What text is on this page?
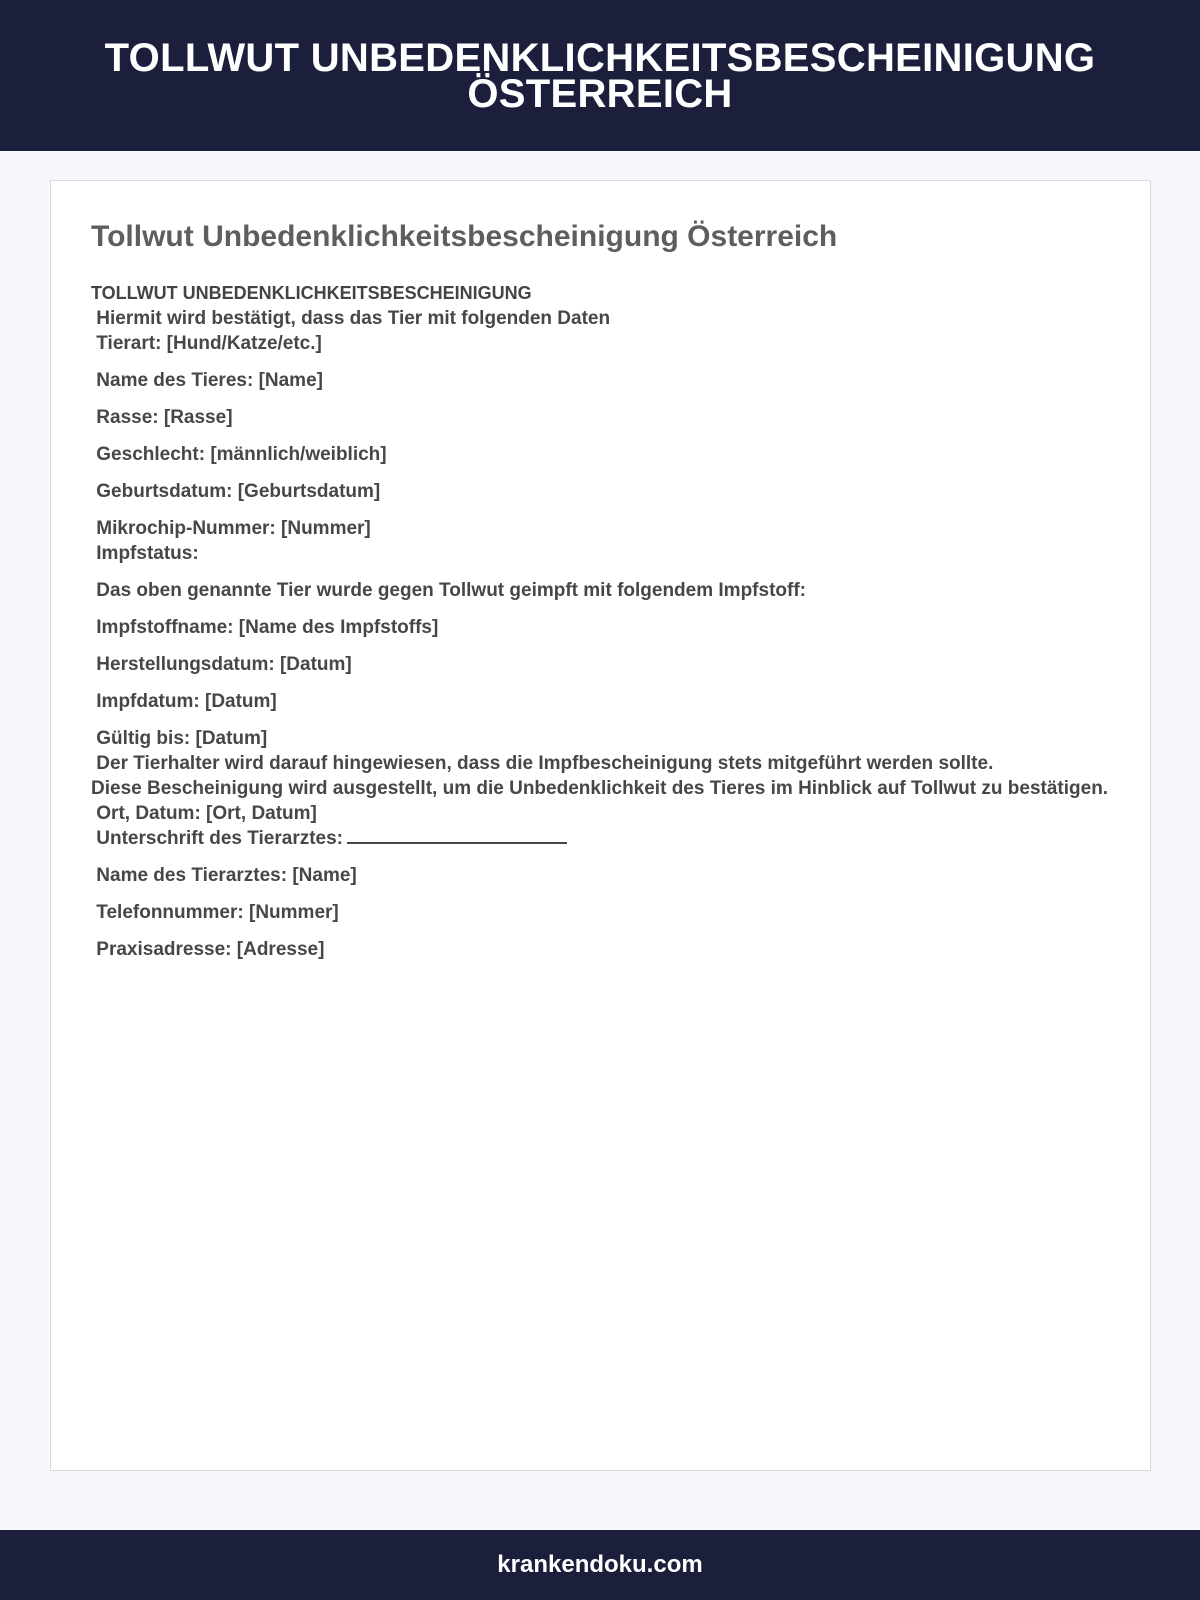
TOLLWUT UNBEDENKLICHKEITSBESCHEINIGUNG ÖSTERREICH
Tollwut Unbedenklichkeitsbescheinigung Österreich
TOLLWUT UNBEDENKLICHKEITSBESCHEINIGUNG
Hiermit wird bestätigt, dass das Tier mit folgenden Daten
Tierart: [Hund/Katze/etc.]
Name des Tieres: [Name]
Rasse: [Rasse]
Geschlecht: [männlich/weiblich]
Geburtsdatum: [Geburtsdatum]
Mikrochip-Nummer: [Nummer]
Impfstatus:
Das oben genannte Tier wurde gegen Tollwut geimpft mit folgendem Impfstoff:
Impfstoffname: [Name des Impfstoffs]
Herstellungsdatum: [Datum]
Impfdatum: [Datum]
Gültig bis: [Datum]
Der Tierhalter wird darauf hingewiesen, dass die Impfbescheinigung stets mitgeführt werden sollte.
Diese Bescheinigung wird ausgestellt, um die Unbedenklichkeit des Tieres im Hinblick auf Tollwut zu bestätigen.
Ort, Datum: [Ort, Datum]
Unterschrift des Tierarztes:
Name des Tierarztes: [Name]
Telefonnummer: [Nummer]
Praxisadresse: [Adresse]
krankendoku.com
